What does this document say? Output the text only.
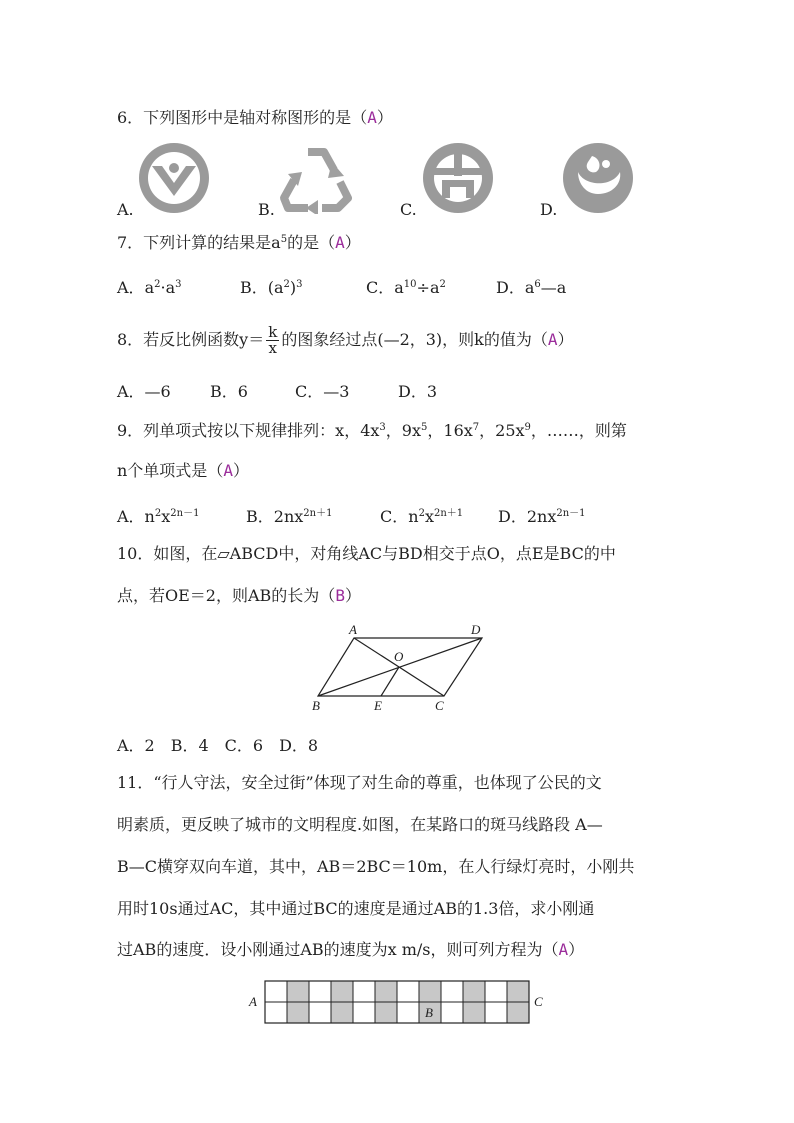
6．下列图形中是轴对称图形的是（A）
A.	B.	C.	D.
7．下列计算的结果是$a^5$的是（A）
A．$a^2\cdot a^3$	B．$(a^2)^3$	C．$a^{10}\div a^2$	D．$a^6—a$
8．若反比例函数$y= \frac{k}{x}$ 的图象经过点(—2，3)，则k的值为（A）
A．—6 B．6	C．—3	D．3
9．列单项式按以下规律排列：x，$4x^3$，$9x^5$，$16x^7$，$25x^9$，……，则第
n个单项式是（A）
A．$n^2x^{2n-1}$	B．$2nx^{2n+1}$	C．$n^2x^{2n+1}$ D．$2nx^{2n-1}$
10．如图，在▱ABCD中，对角线AC与BD相交于点O，点E是BC的中
点，若OE＝2，则AB的长为（B）
A	D
O
B	E	C
A．2　B．4　C．6　D．8
11．“行人守法，安全过街”体现了对生命的尊重，也体现了公民的文
明素质，更反映了城市的文明程度.如图，在某路口的斑马线路段 A—
B—C横穿双向车道，其中，AB＝2BC＝10m，在人行绿灯亮时，小刚共
用时10s通过AC，其中通过BC的速度是通过AB的1.3倍，求小刚通
过AB的速度．设小刚通过AB的速度为x m/s，则可列方程为（A）
A
B
C
